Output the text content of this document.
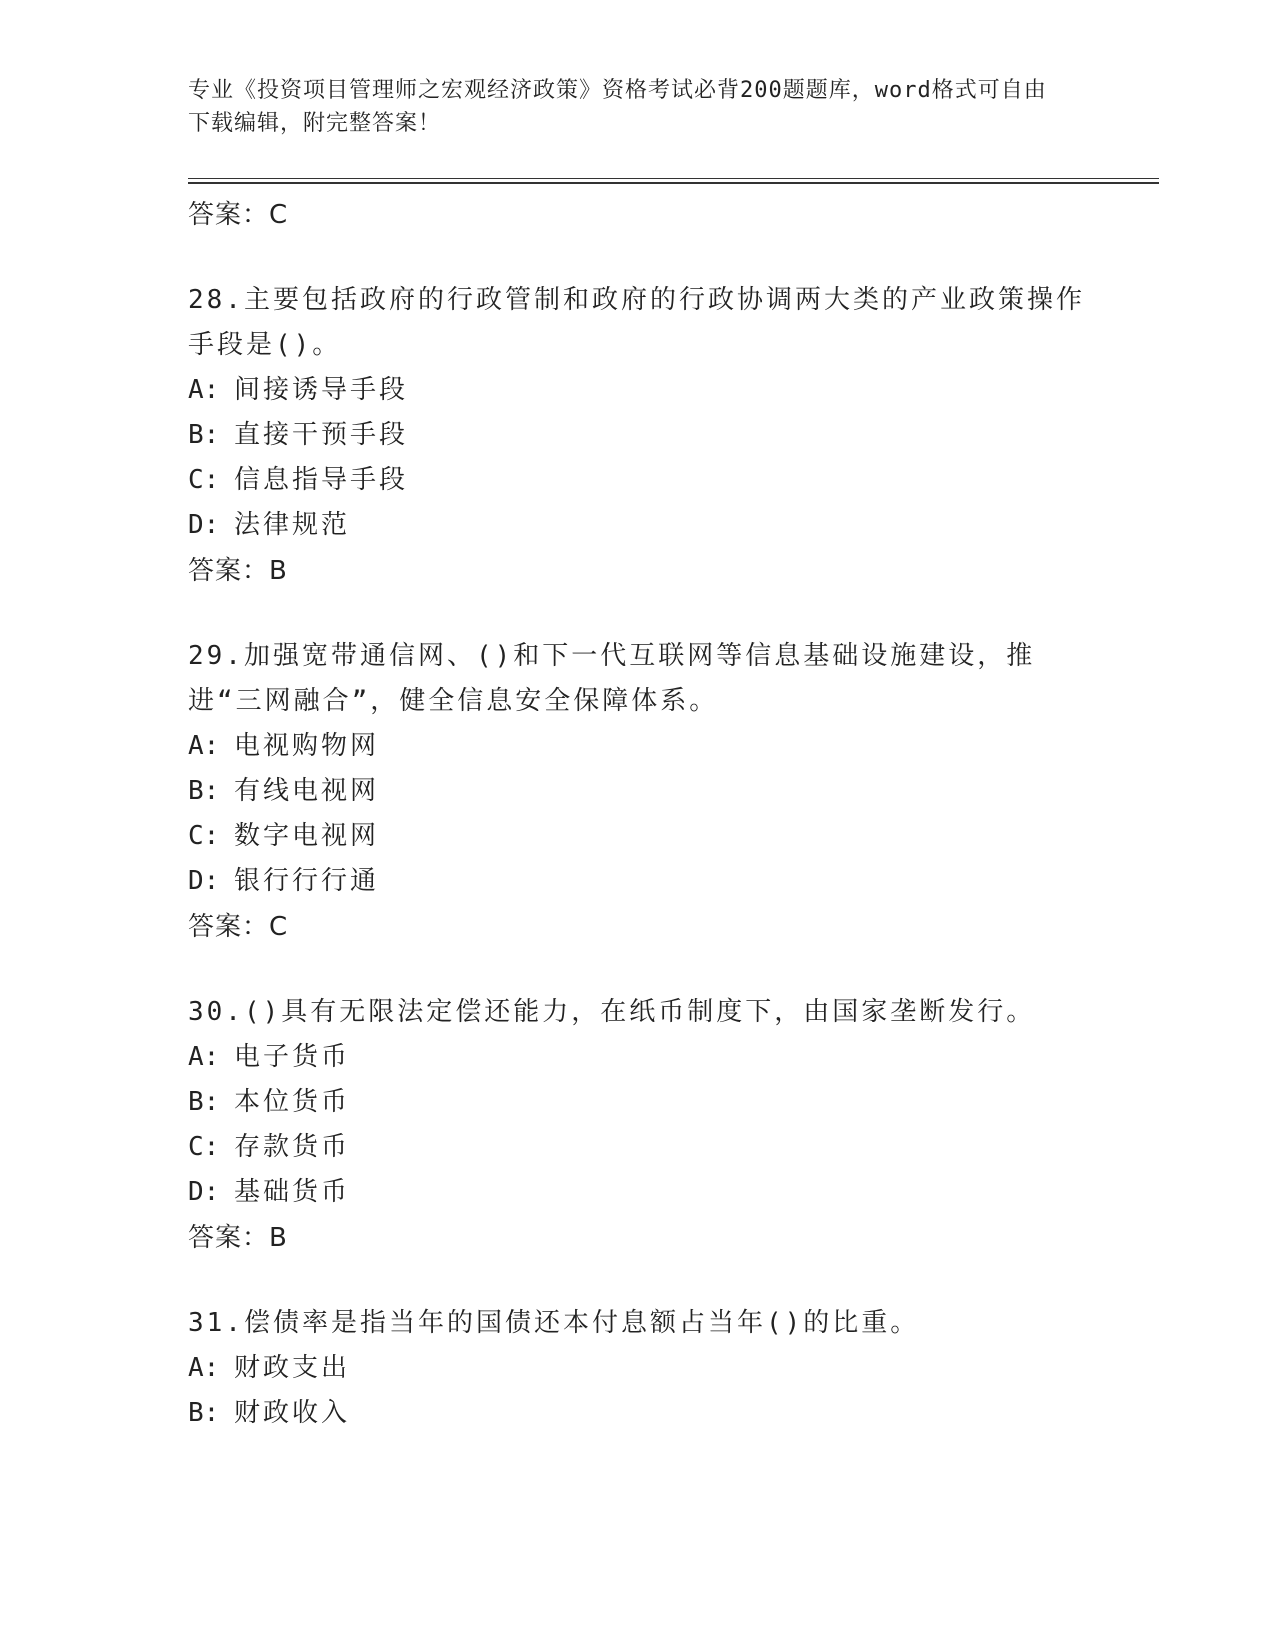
专业《投资项目管理师之宏观经济政策》资格考试必背200题题库，word格式可自由下载编辑，附完整答案！
答案：C
28.主要包括政府的行政管制和政府的行政协调两大类的产业政策操作手段是()。
A: 间接诱导手段
B: 直接干预手段
C: 信息指导手段
D: 法律规范
答案：B
29.加强宽带通信网、()和下一代互联网等信息基础设施建设，推进“三网融合”，健全信息安全保障体系。
A: 电视购物网
B: 有线电视网
C: 数字电视网
D: 银行行行通
答案：C
30.()具有无限法定偿还能力，在纸币制度下，由国家垄断发行。
A: 电子货币
B: 本位货币
C: 存款货币
D: 基础货币
答案：B
31.偿债率是指当年的国债还本付息额占当年()的比重。
A: 财政支出
B: 财政收入
